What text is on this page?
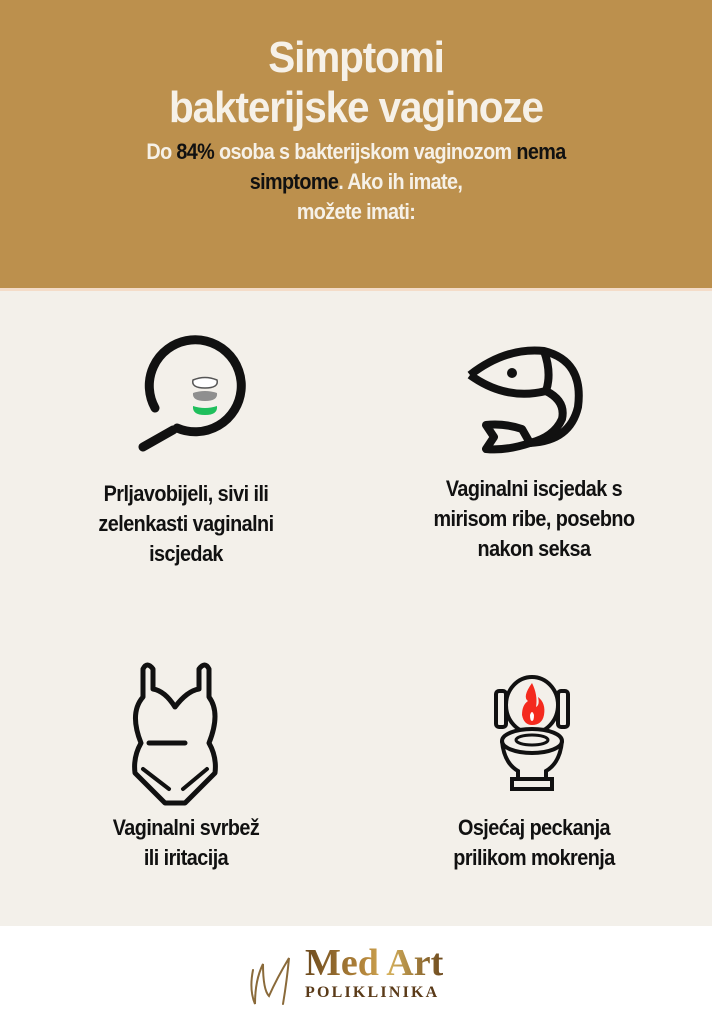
Simptomi
bakterijske vaginoze
Do 84% osoba s bakterijskom vaginozom nema
simptome. Ako ih imate,
možete imati:
Prljavobijeli, sivi ili
zelenkasti vaginalni
iscjedak
Vaginalni iscjedak s
mirisom ribe, posebno
nakon seksa
Vaginalni svrbež
ili iritacija
Osjećaj peckanja
prilikom mokrenja
Med Art
POLIKLINIKA
